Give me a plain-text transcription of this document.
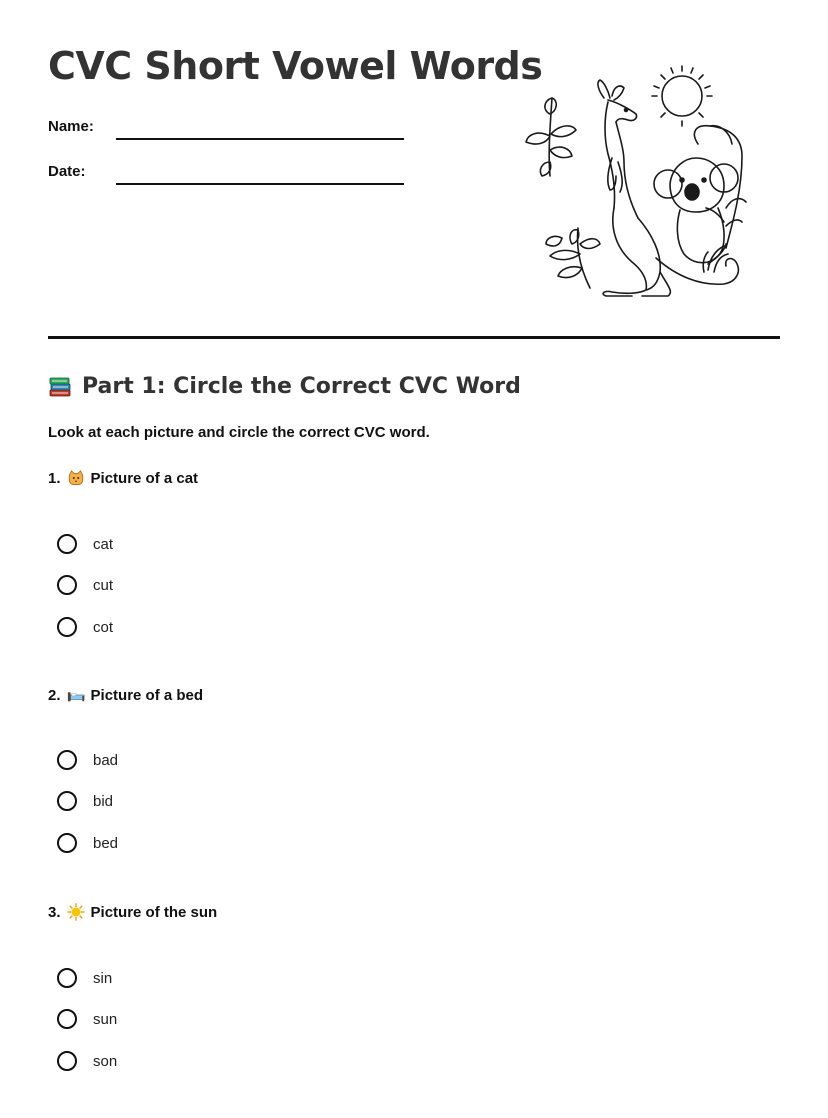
CVC Short Vowel Words
Name:
Date:
Part 1: Circle the Correct CVC Word
Look at each picture and circle the correct CVC word.
1. Picture of a cat
cat
cut
cot
2. Picture of a bed
bad
bid
bed
3. Picture of the sun
sin
sun
son
